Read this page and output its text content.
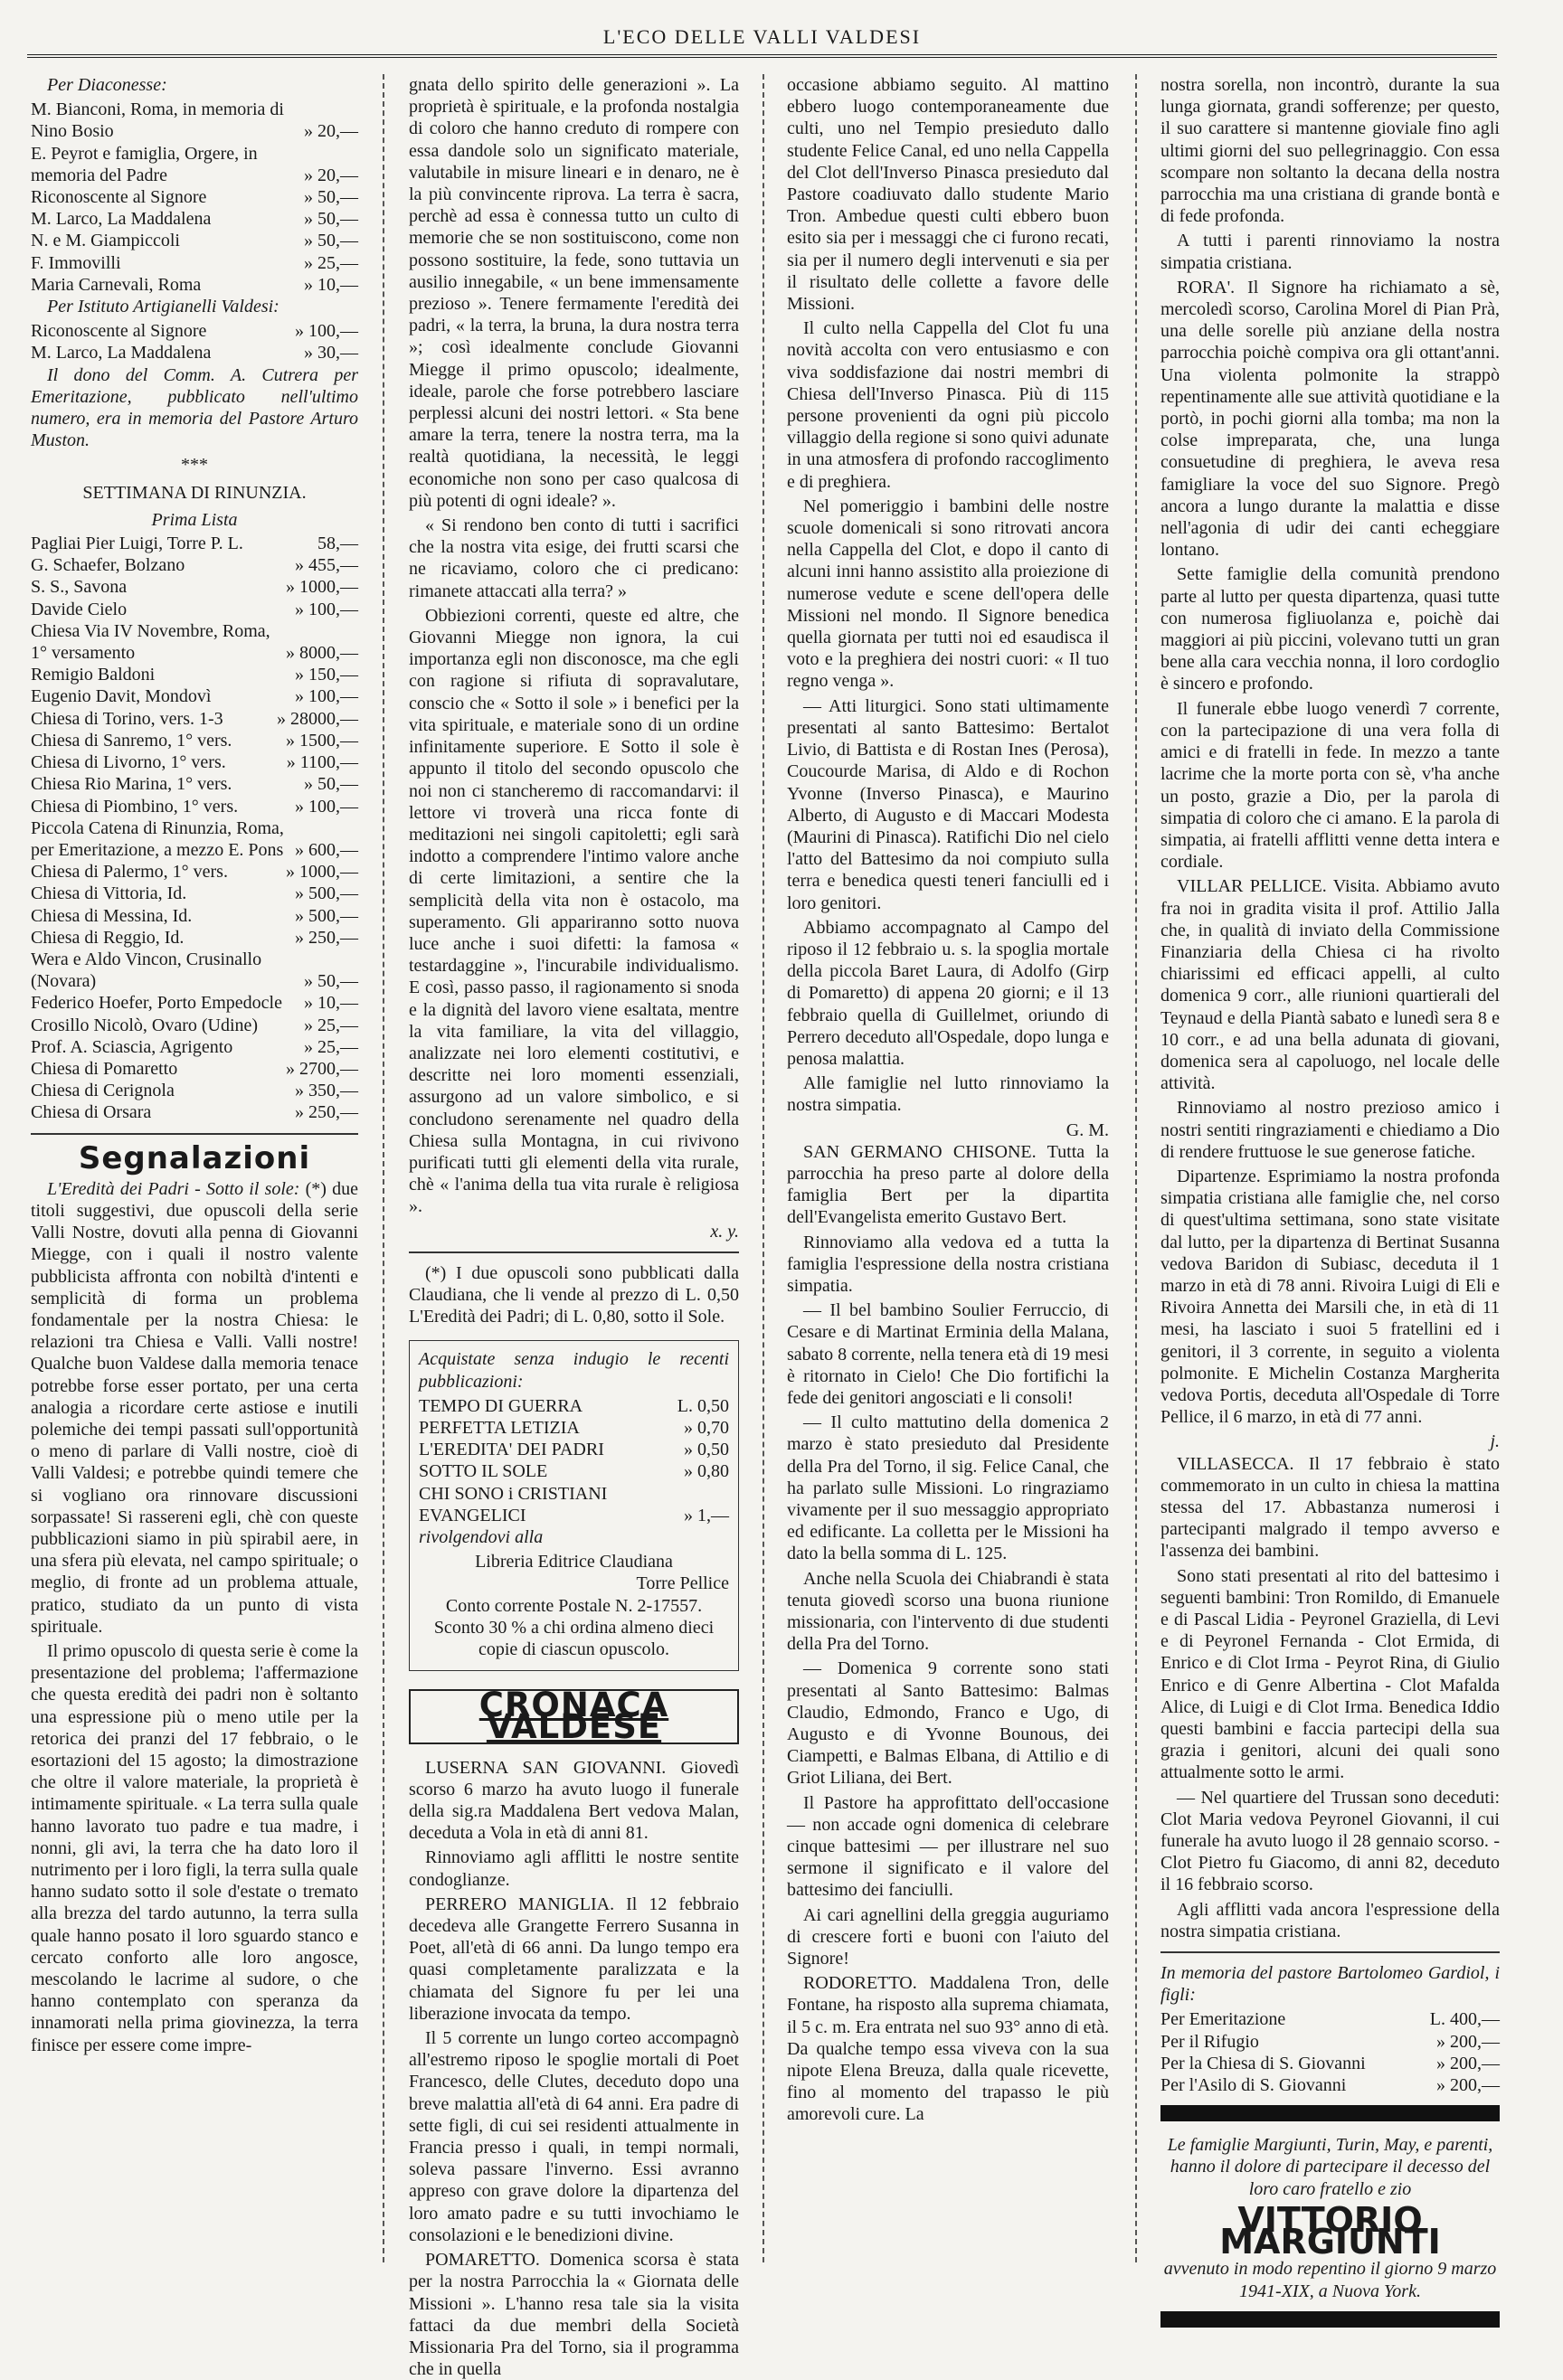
L'ECO DELLE VALLI VALDESI

Per Diaconesse:

M. Bianconi, Roma, in memoria di Nino Bosio	» 20,—
E. Peyrot e famiglia, Orgere, in memoria del Padre	» 20,—
Riconoscente al Signore	» 50,—
M. Larco, La Maddalena	» 50,—
N. e M. Giampiccoli	» 50,—
F. Immovilli	» 25,—
Maria Carnevali, Roma	» 10,—

Per Istituto Artigianelli Valdesi:

Riconoscente al Signore	» 100,—
M. Larco, La Maddalena	» 30,—

Il dono del Comm. A. Cutrera per Emeritazione, pubblicato nell'ultimo numero, era in memoria del Pastore Arturo Muston.

***
SETTIMANA DI RINUNZIA.
Prima Lista
Pagliai Pier Luigi, Torre P. L.	58,—
G. Schaefer, Bolzano	» 455,—
S. S., Savona	» 1000,—
Davide Cielo	» 100,—
Chiesa Via IV Novembre, Roma, 1° versamento	» 8000,—
Remigio Baldoni	» 150,—
Eugenio Davit, Mondovì	» 100,—
Chiesa di Torino, vers. 1-3	» 28000,—
Chiesa di Sanremo, 1° vers.	» 1500,—
Chiesa di Livorno, 1° vers.	» 1100,—
Chiesa Rio Marina, 1° vers.	» 50,—
Chiesa di Piombino, 1° vers.	» 100,—
Piccola Catena di Rinunzia, Roma, per Emeritazione, a mezzo E. Pons » 600,—
Chiesa di Palermo, 1° vers.	» 1000,—
Chiesa di Vittoria, Id.	» 500,—
Chiesa di Messina, Id.	» 500,—
Chiesa di Reggio, Id.	» 250,—
Wera e Aldo Vincon, Crusinallo (Novara)	» 50,—
Federico Hoefer, Porto Empedocle	» 10,—
Crosillo Nicolò, Ovaro (Udine)	» 25,—
Prof. A. Sciascia, Agrigento	» 25,—
Chiesa di Pomaretto	» 2700,—
Chiesa di Cerignola	» 350,—
Chiesa di Orsara	» 250,—
Segnalazioni

L'Eredità dei Padri - Sotto il sole: (*) due titoli suggestivi, due opuscoli della serie Valli Nostre, dovuti alla penna di Giovanni Miegge, con i quali il nostro valente pubblicista affronta con nobiltà d'intenti e semplicità di forma un problema fondamentale per la nostra Chiesa: le relazioni tra Chiesa e Valli. Valli nostre! Qualche buon Valdese dalla memoria tenace potrebbe forse esser portato, per una certa analogia a ricordare certe astiose e inutili polemiche dei tempi passati sull'opportunità o meno di parlare di Valli nostre, cioè di Valli Valdesi; e potrebbe quindi temere che si vogliano ora rinnovare discussioni sorpassate! Si rassereni egli, chè con queste pubblicazioni siamo in più spirabil aere, in una sfera più elevata, nel campo spirituale; o meglio, di fronte ad un problema attuale, pratico, studiato da un punto di vista spirituale.

Il primo opuscolo di questa serie è come la presentazione del problema; l'affermazione che questa eredità dei padri non è soltanto una espressione più o meno utile per la retorica dei pranzi del 17 febbraio, o le esortazioni del 15 agosto; la dimostrazione che oltre il valore materiale, la proprietà è intimamente spirituale. « La terra sulla quale hanno lavorato tuo padre e tua madre, i nonni, gli avi, la terra che ha dato loro il nutrimento per i loro figli, la terra sulla quale hanno sudato sotto il sole d'estate o tremato alla brezza del tardo autunno, la terra sulla quale hanno posato il loro sguardo stanco e cercato conforto alle loro angosce, mescolando le lacrime al sudore, o che hanno contemplato con speranza da innamorati nella prima giovinezza, la terra finisce per essere come impre-

gnata dello spirito delle generazioni ». La proprietà è spirituale, e la profonda nostalgia di coloro che hanno creduto di rompere con essa dandole solo un significato materiale, valutabile in misure lineari e in denaro, ne è la più convincente riprova. La terra è sacra, perchè ad essa è connessa tutto un culto di memorie che se non sostituiscono, come non possono sostituire, la fede, sono tuttavia un ausilio innegabile, « un bene immensamente prezioso ». Tenere fermamente l'eredità dei padri, « la terra, la bruna, la dura nostra terra »; così idealmente conclude Giovanni Miegge il primo opuscolo; idealmente, ideale, parole che forse potrebbero lasciare perplessi alcuni dei nostri lettori. « Sta bene amare la terra, tenere la nostra terra, ma la realtà quotidiana, la necessità, le leggi economiche non sono per caso qualcosa di più potenti di ogni ideale? ».

« Si rendono ben conto di tutti i sacrifici che la nostra vita esige, dei frutti scarsi che ne ricaviamo, coloro che ci predicano: rimanete attaccati alla terra? »

Obbiezioni correnti, queste ed altre, che Giovanni Miegge non ignora, la cui importanza egli non disconosce, ma che egli con ragione si rifiuta di sopravalutare, conscio che « Sotto il sole » i benefici per la vita spirituale, e materiale sono di un ordine infinitamente superiore. E Sotto il sole è appunto il titolo del secondo opuscolo che noi non ci stancheremo di raccomandarvi: il lettore vi troverà una ricca fonte di meditazioni nei singoli capitoletti; egli sarà indotto a comprendere l'intimo valore anche di certe limitazioni, a sentire che la semplicità della vita non è ostacolo, ma superamento. Gli appariranno sotto nuova luce anche i suoi difetti: la famosa « testardaggine », l'incurabile individualismo. E così, passo passo, il ragionamento si snoda e la dignità del lavoro viene esaltata, mentre la vita familiare, la vita del villaggio, analizzate nei loro elementi costitutivi, e descritte nei loro momenti essenziali, assurgono ad un valore simbolico, e si concludono serenamente nel quadro della Chiesa sulla Montagna, in cui rivivono purificati tutti gli elementi della vita rurale, chè « l'anima della tua vita rurale è religiosa ».

x. y.

(*) I due opuscoli sono pubblicati dalla Claudiana, che li vende al prezzo di L. 0,50 L'Eredità dei Padri; di L. 0,80, sotto il Sole.

Acquistate senza indugio le recenti pubblicazioni:

TEMPO DI GUERRA	L. 0,50
PERFETTA LETIZIA	» 0,70
L'EREDITA' DEI PADRI	» 0,50
SOTTO IL SOLE	» 0,80
CHI SONO i CRISTIANI EVANGELICI	» 1,—

rivolgendovi alla

Libreria Editrice Claudiana
Torre Pellice

Conto corrente Postale N. 2-17557. Sconto 30 % a chi ordina almeno dieci copie di ciascun opuscolo.

CRONACA VALDESE

LUSERNA SAN GIOVANNI. Giovedì scorso 6 marzo ha avuto luogo il funerale della sig.ra Maddalena Bert vedova Malan, deceduta a Vola in età di anni 81.

Rinnoviamo agli afflitti le nostre sentite condoglianze.

PERRERO MANIGLIA. Il 12 febbraio decedeva alle Grangette Ferrero Susanna in Poet, all'età di 66 anni. Da lungo tempo era quasi completamente paralizzata e la chiamata del Signore fu per lei una liberazione invocata da tempo.

Il 5 corrente un lungo corteo accompagnò all'estremo riposo le spoglie mortali di Poet Francesco, delle Clutes, deceduto dopo una breve malattia all'età di 64 anni. Era padre di sette figli, di cui sei residenti attualmente in Francia presso i quali, in tempi normali, soleva passare l'inverno. Essi avranno appreso con grave dolore la dipartenza del loro amato padre e su tutti invochiamo le consolazioni e le benedizioni divine.

POMARETTO. Domenica scorsa è stata per la nostra Parrocchia la « Giornata delle Missioni ». L'hanno resa tale sia la visita fattaci da due membri della Società Missionaria Pra del Torno, sia il programma che in quella

occasione abbiamo seguito. Al mattino ebbero luogo contemporaneamente due culti, uno nel Tempio presieduto dallo studente Felice Canal, ed uno nella Cappella del Clot dell'Inverso Pinasca presieduto dal Pastore coadiuvato dallo studente Mario Tron. Ambedue questi culti ebbero buon esito sia per i messaggi che ci furono recati, sia per il numero degli intervenuti e sia per il risultato delle collette a favore delle Missioni.

Il culto nella Cappella del Clot fu una novità accolta con vero entusiasmo e con viva soddisfazione dai nostri membri di Chiesa dell'Inverso Pinasca. Più di 115 persone provenienti da ogni più piccolo villaggio della regione si sono quivi adunate in una atmosfera di profondo raccoglimento e di preghiera.

Nel pomeriggio i bambini delle nostre scuole domenicali si sono ritrovati ancora nella Cappella del Clot, e dopo il canto di alcuni inni hanno assistito alla proiezione di numerose vedute e scene dell'opera delle Missioni nel mondo. Il Signore benedica quella giornata per tutti noi ed esaudisca il voto e la preghiera dei nostri cuori: « Il tuo regno venga ».

— Atti liturgici. Sono stati ultimamente presentati al santo Battesimo: Bertalot Livio, di Battista e di Rostan Ines (Perosa), Coucourde Marisa, di Aldo e di Rochon Yvonne (Inverso Pinasca), e Maurino Alberto, di Augusto e di Maccari Modesta (Maurini di Pinasca). Ratifichi Dio nel cielo l'atto del Battesimo da noi compiuto sulla terra e benedica questi teneri fanciulli ed i loro genitori.

Abbiamo accompagnato al Campo del riposo il 12 febbraio u. s. la spoglia mortale della piccola Baret Laura, di Adolfo (Girp di Pomaretto) di appena 20 giorni; e il 13 febbraio quella di Guillelmet, oriundo di Perrero deceduto all'Ospedale, dopo lunga e penosa malattia.

Alle famiglie nel lutto rinnoviamo la nostra simpatia.

G. M.

SAN GERMANO CHISONE. Tutta la parrocchia ha preso parte al dolore della famiglia Bert per la dipartita dell'Evangelista emerito Gustavo Bert.

Rinnoviamo alla vedova ed a tutta la famiglia l'espressione della nostra cristiana simpatia.

— Il bel bambino Soulier Ferruccio, di Cesare e di Martinat Erminia della Malana, sabato 8 corrente, nella tenera età di 19 mesi è ritornato in Cielo! Che Dio fortifichi la fede dei genitori angosciati e li consoli!

— Il culto mattutino della domenica 2 marzo è stato presieduto dal Presidente della Pra del Torno, il sig. Felice Canal, che ha parlato sulle Missioni. Lo ringraziamo vivamente per il suo messaggio appropriato ed edificante. La colletta per le Missioni ha dato la bella somma di L. 125.

Anche nella Scuola dei Chiabrandi è stata tenuta giovedì scorso una buona riunione missionaria, con l'intervento di due studenti della Pra del Torno.

— Domenica 9 corrente sono stati presentati al Santo Battesimo: Balmas Claudio, Edmondo, Franco e Ugo, di Augusto e di Yvonne Bounous, dei Ciampetti, e Balmas Elbana, di Attilio e di Griot Liliana, dei Bert.

Il Pastore ha approfittato dell'occasione — non accade ogni domenica di celebrare cinque battesimi — per illustrare nel suo sermone il significato e il valore del battesimo dei fanciulli.

Ai cari agnellini della greggia auguriamo di crescere forti e buoni con l'aiuto del Signore!

RODORETTO. Maddalena Tron, delle Fontane, ha risposto alla suprema chiamata, il 5 c. m. Era entrata nel suo 93° anno di età. Da qualche tempo essa viveva con la sua nipote Elena Breuza, dalla quale ricevette, fino al momento del trapasso le più amorevoli cure. La

nostra sorella, non incontrò, durante la sua lunga giornata, grandi sofferenze; per questo, il suo carattere si mantenne gioviale fino agli ultimi giorni del suo pellegrinaggio. Con essa scompare non soltanto la decana della nostra parrocchia ma una cristiana di grande bontà e di fede profonda.

A tutti i parenti rinnoviamo la nostra simpatia cristiana.

RORA'. Il Signore ha richiamato a sè, mercoledì scorso, Carolina Morel di Pian Prà, una delle sorelle più anziane della nostra parrocchia poichè compiva ora gli ottant'anni. Una violenta polmonite la strappò repentinamente alle sue attività quotidiane e la portò, in pochi giorni alla tomba; ma non la colse impreparata, che, una lunga consuetudine di preghiera, le aveva resa famigliare la voce del suo Signore. Pregò ancora a lungo durante la malattia e disse nell'agonia di udir dei canti echeggiare lontano.

Sette famiglie della comunità prendono parte al lutto per questa dipartenza, quasi tutte con numerosa figliuolanza e, poichè dai maggiori ai più piccini, volevano tutti un gran bene alla cara vecchia nonna, il loro cordoglio è sincero e profondo.

Il funerale ebbe luogo venerdì 7 corrente, con la partecipazione di una vera folla di amici e di fratelli in fede. In mezzo a tante lacrime che la morte porta con sè, v'ha anche un posto, grazie a Dio, per la parola di simpatia di coloro che ci amano. E la parola di simpatia, ai fratelli afflitti venne detta intera e cordiale.

VILLAR PELLICE. Visita. Abbiamo avuto fra noi in gradita visita il prof. Attilio Jalla che, in qualità di inviato della Commissione Finanziaria della Chiesa ci ha rivolto chiarissimi ed efficaci appelli, al culto domenica 9 corr., alle riunioni quartierali del Teynaud e della Piantà sabato e lunedì sera 8 e 10 corr., e ad una bella adunata di giovani, domenica sera al capoluogo, nel locale delle attività.

Rinnoviamo al nostro prezioso amico i nostri sentiti ringraziamenti e chiediamo a Dio di rendere fruttuose le sue generose fatiche.

Dipartenze. Esprimiamo la nostra profonda simpatia cristiana alle famiglie che, nel corso di quest'ultima settimana, sono state visitate dal lutto, per la dipartenza di Bertinat Susanna vedova Baridon di Subiasc, deceduta il 1 marzo in età di 78 anni. Rivoira Luigi di Eli e Rivoira Annetta dei Marsili che, in età di 11 mesi, ha lasciato i suoi 5 fratellini ed i genitori, il 3 corrente, in seguito a violenta polmonite. E Michelin Costanza Margherita vedova Portis, deceduta all'Ospedale di Torre Pellice, il 6 marzo, in età di 77 anni.

j.

VILLASECCA. Il 17 febbraio è stato commemorato in un culto in chiesa la mattina stessa del 17. Abbastanza numerosi i partecipanti malgrado il tempo avverso e l'assenza dei bambini.

Sono stati presentati al rito del battesimo i seguenti bambini: Tron Romildo, di Emanuele e di Pascal Lidia - Peyronel Graziella, di Levi e di Peyronel Fernanda - Clot Ermida, di Enrico e di Clot Irma - Peyrot Rina, di Giulio Enrico e di Genre Albertina - Clot Mafalda Alice, di Luigi e di Clot Irma. Benedica Iddio questi bambini e faccia partecipi della sua grazia i genitori, alcuni dei quali sono attualmente sotto le armi.

— Nel quartiere del Trussan sono deceduti: Clot Maria vedova Peyronel Giovanni, il cui funerale ha avuto luogo il 28 gennaio scorso. - Clot Pietro fu Giacomo, di anni 82, deceduto il 16 febbraio scorso.

Agli afflitti vada ancora l'espressione della nostra simpatia cristiana.

In memoria del pastore Bartolomeo Gardiol, i figli:

Per Emeritazione	L. 400,—
Per il Rifugio	» 200,—
Per la Chiesa di S. Giovanni	» 200,—
Per l'Asilo di S. Giovanni	» 200,—

Le famiglie Margiunti, Turin, May, e parenti, hanno il dolore di partecipare il decesso del loro caro fratello e zio

VITTORIO MARGIUNTI

avvenuto in modo repentino il giorno 9 marzo 1941-XIX, a Nuova York.
